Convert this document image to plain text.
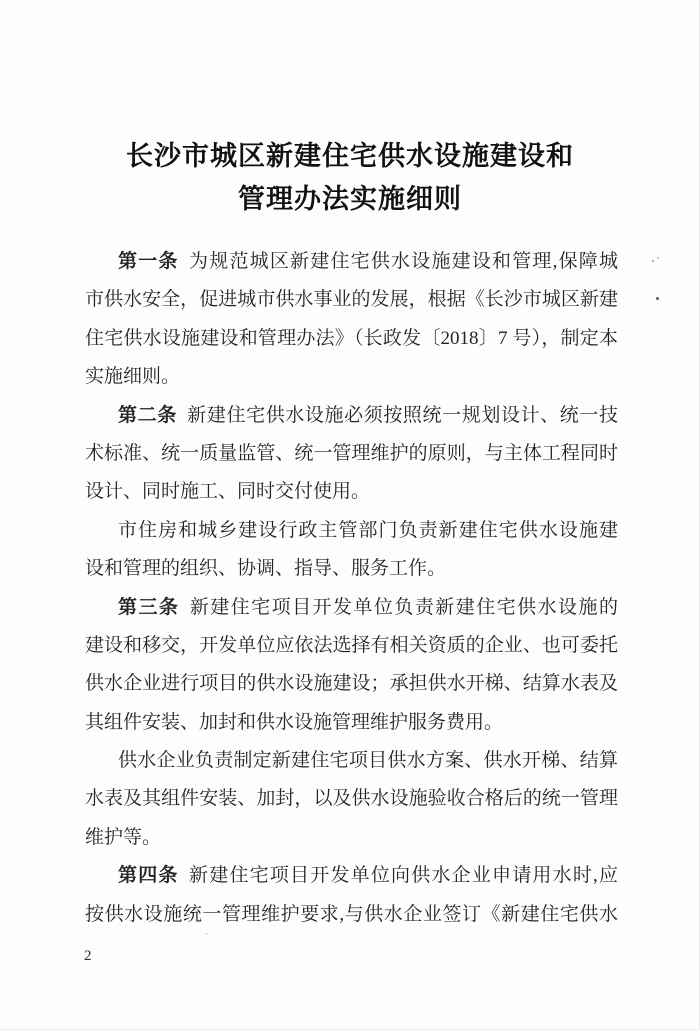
长沙市城区新建住宅供水设施建设和
管理办法实施细则
第一条 为规范城区新建住宅供水设施建设和管理,保障城
市供水安全，促进城市供水事业的发展，根据《长沙市城区新建
住宅供水设施建设和管理办法》（长政发〔2018〕7 号），制定本
实施细则。
第二条 新建住宅供水设施必须按照统一规划设计、统一技
术标准、统一质量监管、统一管理维护的原则，与主体工程同时
设计、同时施工、同时交付使用。
市住房和城乡建设行政主管部门负责新建住宅供水设施建
设和管理的组织、协调、指导、服务工作。
第三条 新建住宅项目开发单位负责新建住宅供水设施的
建设和移交，开发单位应依法选择有相关资质的企业、也可委托
供水企业进行项目的供水设施建设；承担供水开梯、结算水表及
其组件安装、加封和供水设施管理维护服务费用。
供水企业负责制定新建住宅项目供水方案、供水开梯、结算
水表及其组件安装、加封，以及供水设施验收合格后的统一管理
维护等。
第四条 新建住宅项目开发单位向供水企业申请用水时,应
按供水设施统一管理维护要求,与供水企业签订《新建住宅供水
2
